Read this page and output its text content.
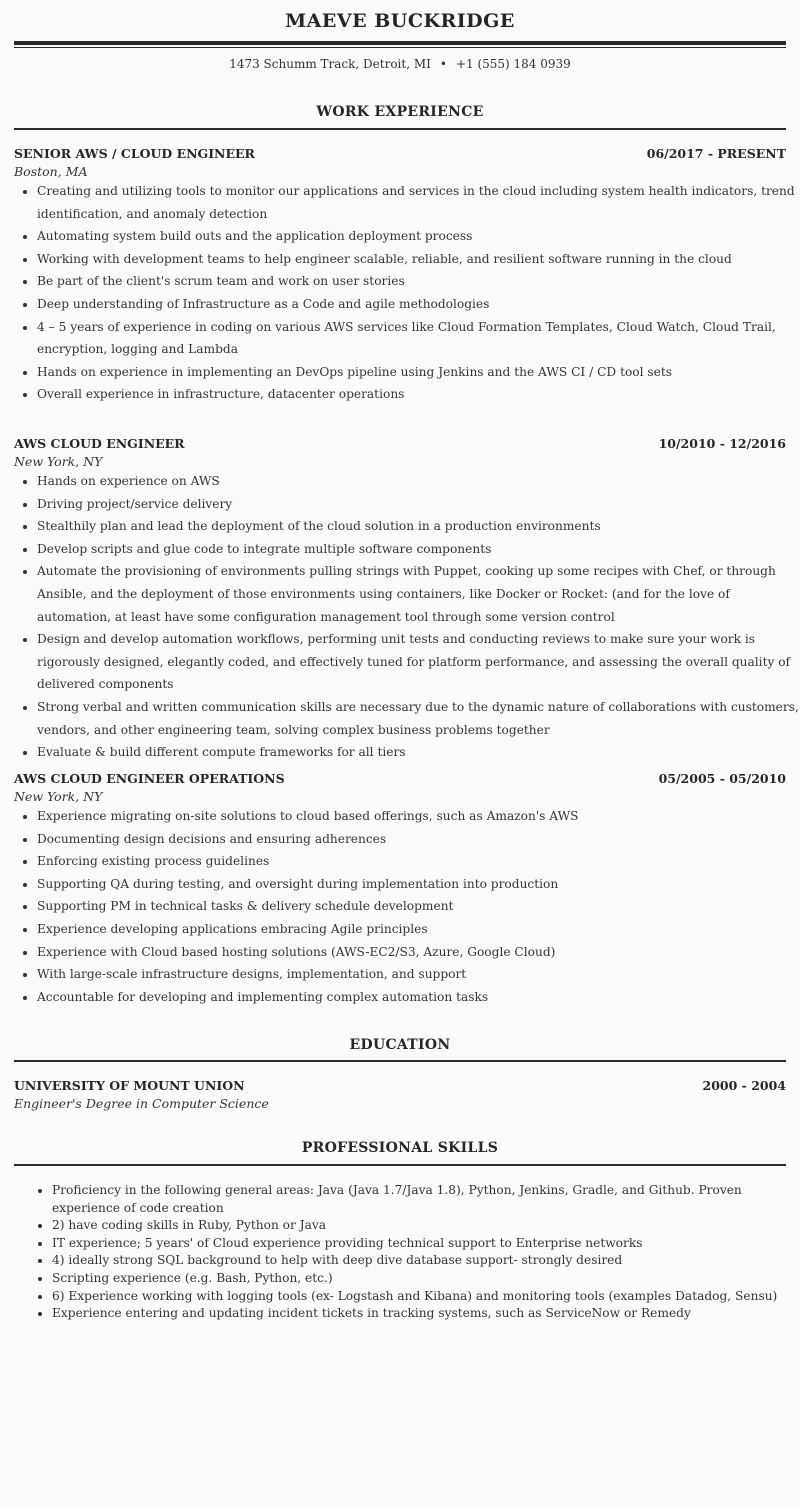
MAEVE BUCKRIDGE
1473 Schumm Track, Detroit, MI • +1 (555) 184 0939
WORK EXPERIENCE
SENIOR AWS / CLOUD ENGINEER	06/2017 - PRESENT
Boston, MA
• Creating and utilizing tools to monitor our applications and services in the cloud including system health indicators, trend identification, and anomaly detection
• Automating system build outs and the application deployment process
• Working with development teams to help engineer scalable, reliable, and resilient software running in the cloud
• Be part of the client's scrum team and work on user stories
• Deep understanding of Infrastructure as a Code and agile methodologies
• 4 – 5 years of experience in coding on various AWS services like Cloud Formation Templates, Cloud Watch, Cloud Trail, encryption, logging and Lambda
• Hands on experience in implementing an DevOps pipeline using Jenkins and the AWS CI / CD tool sets
• Overall experience in infrastructure, datacenter operations
AWS CLOUD ENGINEER	10/2010 - 12/2016
New York, NY
• Hands on experience on AWS
• Driving project/service delivery
• Stealthily plan and lead the deployment of the cloud solution in a production environments
• Develop scripts and glue code to integrate multiple software components
• Automate the provisioning of environments pulling strings with Puppet, cooking up some recipes with Chef, or through Ansible, and the deployment of those environments using containers, like Docker or Rocket: (and for the love of automation, at least have some configuration management tool through some version control
• Design and develop automation workflows, performing unit tests and conducting reviews to make sure your work is rigorously designed, elegantly coded, and effectively tuned for platform performance, and assessing the overall quality of delivered components
• Strong verbal and written communication skills are necessary due to the dynamic nature of collaborations with customers, vendors, and other engineering team, solving complex business problems together
• Evaluate & build different compute frameworks for all tiers
AWS CLOUD ENGINEER OPERATIONS	05/2005 - 05/2010
New York, NY
• Experience migrating on-site solutions to cloud based offerings, such as Amazon's AWS
• Documenting design decisions and ensuring adherences
• Enforcing existing process guidelines
• Supporting QA during testing, and oversight during implementation into production
• Supporting PM in technical tasks & delivery schedule development
• Experience developing applications embracing Agile principles
• Experience with Cloud based hosting solutions (AWS-EC2/S3, Azure, Google Cloud)
• With large-scale infrastructure designs, implementation, and support
• Accountable for developing and implementing complex automation tasks
EDUCATION
UNIVERSITY OF MOUNT UNION	2000 - 2004
Engineer's Degree in Computer Science
PROFESSIONAL SKILLS
• Proficiency in the following general areas: Java (Java 1.7/Java 1.8), Python, Jenkins, Gradle, and Github. Proven experience of code creation
• 2) have coding skills in Ruby, Python or Java
• IT experience; 5 years' of Cloud experience providing technical support to Enterprise networks
• 4) ideally strong SQL background to help with deep dive database support- strongly desired
• Scripting experience (e.g. Bash, Python, etc.)
• 6) Experience working with logging tools (ex- Logstash and Kibana) and monitoring tools (examples Datadog, Sensu)
• Experience entering and updating incident tickets in tracking systems, such as ServiceNow or Remedy
